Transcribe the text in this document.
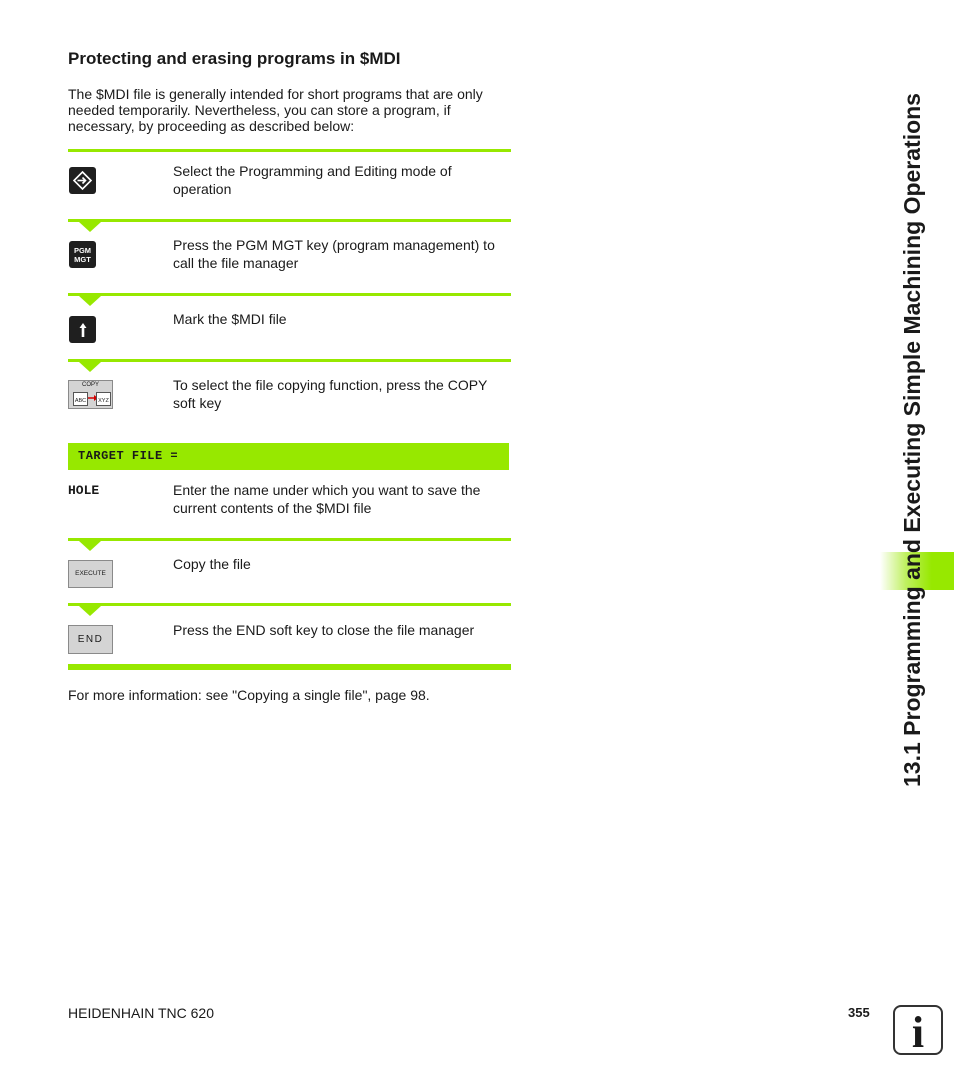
Protecting and erasing programs in $MDI

The $MDI file is generally intended for short programs that are only needed temporarily. Nevertheless, you can store a program, if necessary, by proceeding as described below:

Select the Programming and Editing mode of operation

PGM
MGT

Press the PGM MGT key (program management) to call the file manager

Mark the $MDI file

COPY
ABC	XYZ

To select the file copying function, press the COPY soft key

TARGET FILE =
HOLE	Enter the name under which you want to save the current contents of the $MDI file

EXECUTE

Copy the file

END

Press the END soft key to close the file manager

For more information: see "Copying a single file", page 98.	13.1 Programming and Executing Simple Machining Operations
HEIDENHAIN TNC 620	355 i
